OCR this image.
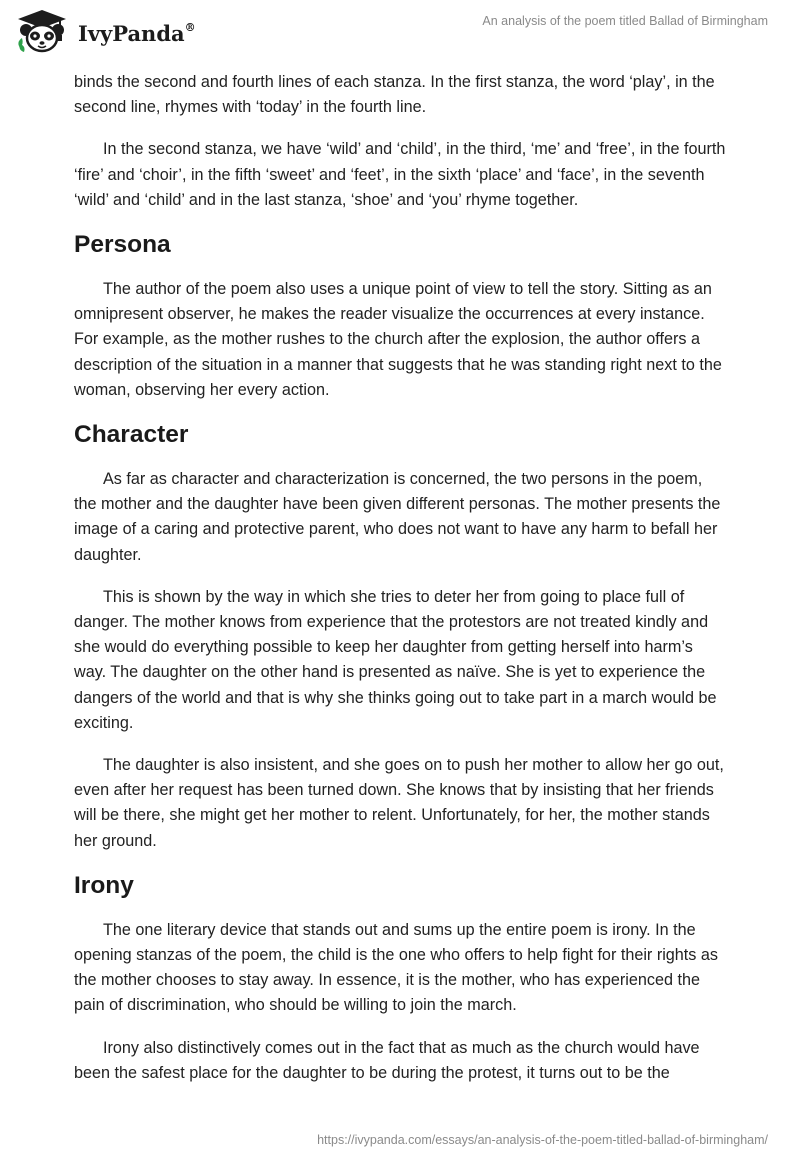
IvyPanda®	An analysis of the poem titled Ballad of Birmingham

binds the second and fourth lines of each stanza. In the first stanza, the word ‘play’, in the second line, rhymes with ‘today’ in the fourth line.

In the second stanza, we have ‘wild’ and ‘child’, in the third, ‘me’ and ‘free’, in the fourth ‘fire’ and ‘choir’, in the fifth ‘sweet’ and ‘feet’, in the sixth ‘place’ and ‘face’, in the seventh ‘wild’ and ‘child’ and in the last stanza, ‘shoe’ and ‘you’ rhyme together.

Persona

The author of the poem also uses a unique point of view to tell the story. Sitting as an omnipresent observer, he makes the reader visualize the occurrences at every instance. For example, as the mother rushes to the church after the explosion, the author offers a description of the situation in a manner that suggests that he was standing right next to the woman, observing her every action.

Character

As far as character and characterization is concerned, the two persons in the poem, the mother and the daughter have been given different personas. The mother presents the image of a caring and protective parent, who does not want to have any harm to befall her daughter.

This is shown by the way in which she tries to deter her from going to place full of danger. The mother knows from experience that the protestors are not treated kindly and she would do everything possible to keep her daughter from getting herself into harm’s way. The daughter on the other hand is presented as naïve. She is yet to experience the dangers of the world and that is why she thinks going out to take part in a march would be exciting.

The daughter is also insistent, and she goes on to push her mother to allow her go out, even after her request has been turned down. She knows that by insisting that her friends will be there, she might get her mother to relent. Unfortunately, for her, the mother stands her ground.

Irony

The one literary device that stands out and sums up the entire poem is irony. In the opening stanzas of the poem, the child is the one who offers to help fight for their rights as the mother chooses to stay away. In essence, it is the mother, who has experienced the pain of discrimination, who should be willing to join the march.

Irony also distinctively comes out in the fact that as much as the church would have been the safest place for the daughter to be during the protest, it turns out to be the

https://ivypanda.com/essays/an-analysis-of-the-poem-titled-ballad-of-birmingham/
